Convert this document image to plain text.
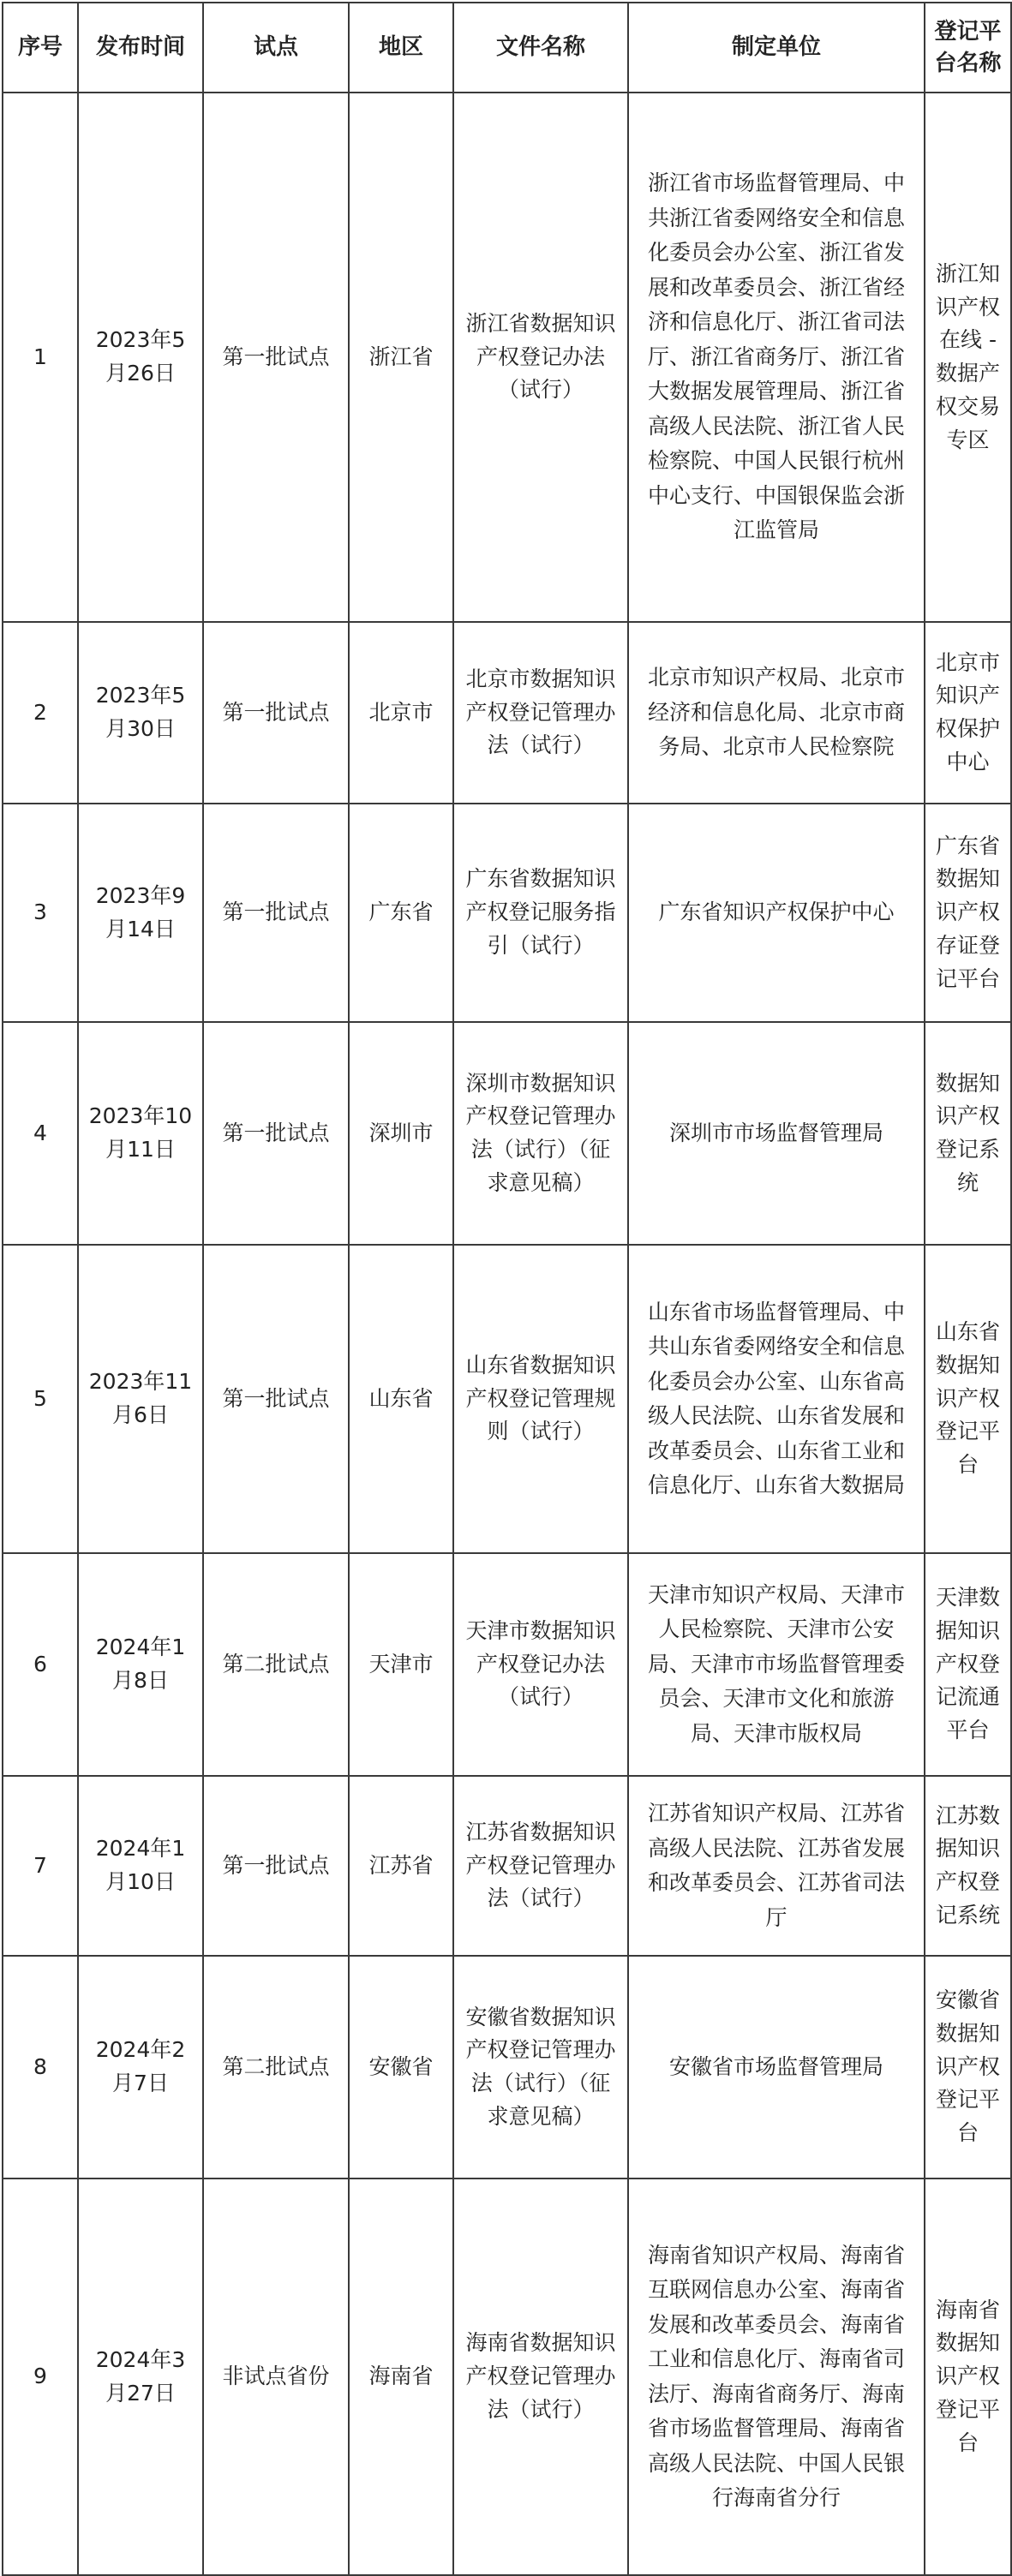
序号	发布时间	试点	地区	文件名称	制定单位	登记平台名称
1	2023年5月26日	第一批试点	浙江省	浙江省数据知识产权登记办法（试行）	浙江省市场监督管理局、中共浙江省委网络安全和信息化委员会办公室、浙江省发展和改革委员会、浙江省经济和信息化厅、浙江省司法厅、浙江省商务厅、浙江省大数据发展管理局、浙江省高级人民法院、浙江省人民检察院、中国人民银行杭州中心支行、中国银保监会浙江监管局	浙江知识产权在线 - 数据产权交易专区
2	2023年5月30日	第一批试点	北京市	北京市数据知识产权登记管理办法（试行）	北京市知识产权局、北京市经济和信息化局、北京市商务局、北京市人民检察院	北京市知识产权保护中心
3	2023年9月14日	第一批试点	广东省	广东省数据知识产权登记服务指引（试行）	广东省知识产权保护中心	广东省数据知识产权存证登记平台
4	2023年10月11日	第一批试点	深圳市	深圳市数据知识产权登记管理办法（试行）（征求意见稿）	深圳市市场监督管理局	数据知识产权登记系统
5	2023年11月6日	第一批试点	山东省	山东省数据知识产权登记管理规则（试行）	山东省市场监督管理局、中共山东省委网络安全和信息化委员会办公室、山东省高级人民法院、山东省发展和改革委员会、山东省工业和信息化厅、山东省大数据局	山东省数据知识产权登记平台
6	2024年1月8日	第二批试点	天津市	天津市数据知识产权登记办法（试行）	天津市知识产权局、天津市人民检察院、天津市公安局、天津市市场监督管理委员会、天津市文化和旅游局、天津市版权局	天津数据知识产权登记流通平台
7	2024年1月10日	第一批试点	江苏省	江苏省数据知识产权登记管理办法（试行）	江苏省知识产权局、江苏省高级人民法院、江苏省发展和改革委员会、江苏省司法厅	江苏数据知识产权登记系统
8	2024年2月7日	第二批试点	安徽省	安徽省数据知识产权登记管理办法（试行）（征求意见稿）	安徽省市场监督管理局	安徽省数据知识产权登记平台
9	2024年3月27日	非试点省份	海南省	海南省数据知识产权登记管理办法（试行）	海南省知识产权局、海南省互联网信息办公室、海南省发展和改革委员会、海南省工业和信息化厅、海南省司法厅、海南省商务厅、海南省市场监督管理局、海南省高级人民法院、中国人民银行海南省分行	海南省数据知识产权登记平台
